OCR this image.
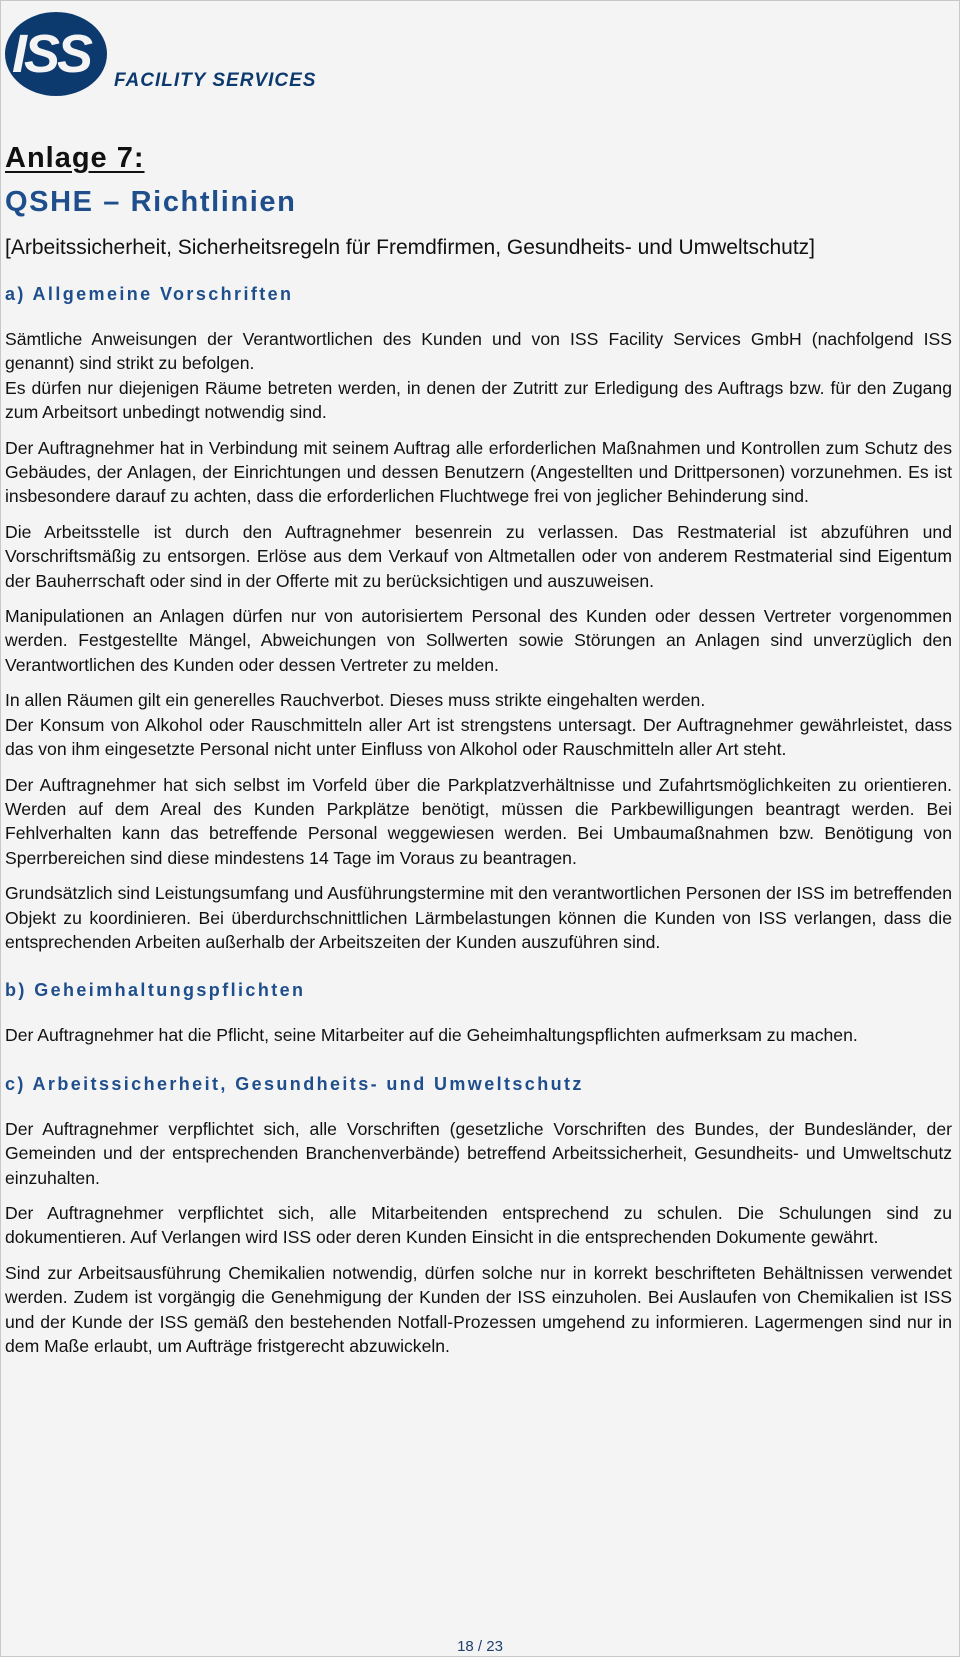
ISS FACILITY SERVICES
Anlage 7:
QSHE – Richtlinien
[Arbeitssicherheit, Sicherheitsregeln für Fremdfirmen, Gesundheits- und Umweltschutz]
a) Allgemeine Vorschriften

Sämtliche Anweisungen der Verantwortlichen des Kunden und von ISS Facility Services GmbH (nachfolgend ISS genannt) sind strikt zu befolgen.

Es dürfen nur diejenigen Räume betreten werden, in denen der Zutritt zur Erledigung des Auftrags bzw. für den Zugang zum Arbeitsort unbedingt notwendig sind.

Der Auftragnehmer hat in Verbindung mit seinem Auftrag alle erforderlichen Maßnahmen und Kontrollen zum Schutz des Gebäudes, der Anlagen, der Einrichtungen und dessen Benutzern (Angestellten und Drittpersonen) vorzunehmen. Es ist insbesondere darauf zu achten, dass die erforderlichen Fluchtwege frei von jeglicher Behinderung sind.

Die Arbeitsstelle ist durch den Auftragnehmer besenrein zu verlassen. Das Restmaterial ist abzuführen und Vorschriftsmäßig zu entsorgen. Erlöse aus dem Verkauf von Altmetallen oder von anderem Restmaterial sind Eigentum der Bauherrschaft oder sind in der Offerte mit zu berücksichtigen und auszuweisen.

Manipulationen an Anlagen dürfen nur von autorisiertem Personal des Kunden oder dessen Vertreter vorgenommen werden. Festgestellte Mängel, Abweichungen von Sollwerten sowie Störungen an Anlagen sind unverzüglich den Verantwortlichen des Kunden oder dessen Vertreter zu melden.

In allen Räumen gilt ein generelles Rauchverbot. Dieses muss strikte eingehalten werden.

Der Konsum von Alkohol oder Rauschmitteln aller Art ist strengstens untersagt. Der Auftragnehmer gewährleistet, dass das von ihm eingesetzte Personal nicht unter Einfluss von Alkohol oder Rauschmitteln aller Art steht.

Der Auftragnehmer hat sich selbst im Vorfeld über die Parkplatzverhältnisse und Zufahrtsmöglichkeiten zu orientieren. Werden auf dem Areal des Kunden Parkplätze benötigt, müssen die Parkbewilligungen beantragt werden. Bei Fehlverhalten kann das betreffende Personal weggewiesen werden. Bei Umbaumaßnahmen bzw. Benötigung von Sperrbereichen sind diese mindestens 14 Tage im Voraus zu beantragen.

Grundsätzlich sind Leistungsumfang und Ausführungstermine mit den verantwortlichen Personen der ISS im betreffenden Objekt zu koordinieren. Bei überdurchschnittlichen Lärmbelastungen können die Kunden von ISS verlangen, dass die entsprechenden Arbeiten außerhalb der Arbeitszeiten der Kunden auszuführen sind.

b) Geheimhaltungspflichten

Der Auftragnehmer hat die Pflicht, seine Mitarbeiter auf die Geheimhaltungspflichten aufmerksam zu machen.

c) Arbeitssicherheit, Gesundheits- und Umweltschutz

Der Auftragnehmer verpflichtet sich, alle Vorschriften (gesetzliche Vorschriften des Bundes, der Bundesländer, der Gemeinden und der entsprechenden Branchenverbände) betreffend Arbeitssicherheit, Gesundheits- und Umweltschutz einzuhalten.

Der Auftragnehmer verpflichtet sich, alle Mitarbeitenden entsprechend zu schulen. Die Schulungen sind zu dokumentieren. Auf Verlangen wird ISS oder deren Kunden Einsicht in die entsprechenden Dokumente gewährt.

Sind zur Arbeitsausführung Chemikalien notwendig, dürfen solche nur in korrekt beschrifteten Behältnissen verwendet werden. Zudem ist vorgängig die Genehmigung der Kunden der ISS einzuholen. Bei Auslaufen von Chemikalien ist ISS und der Kunde der ISS gemäß den bestehenden Notfall-Prozessen umgehend zu informieren. Lagermengen sind nur in dem Maße erlaubt, um Aufträge fristgerecht abzuwickeln.

18 / 23
